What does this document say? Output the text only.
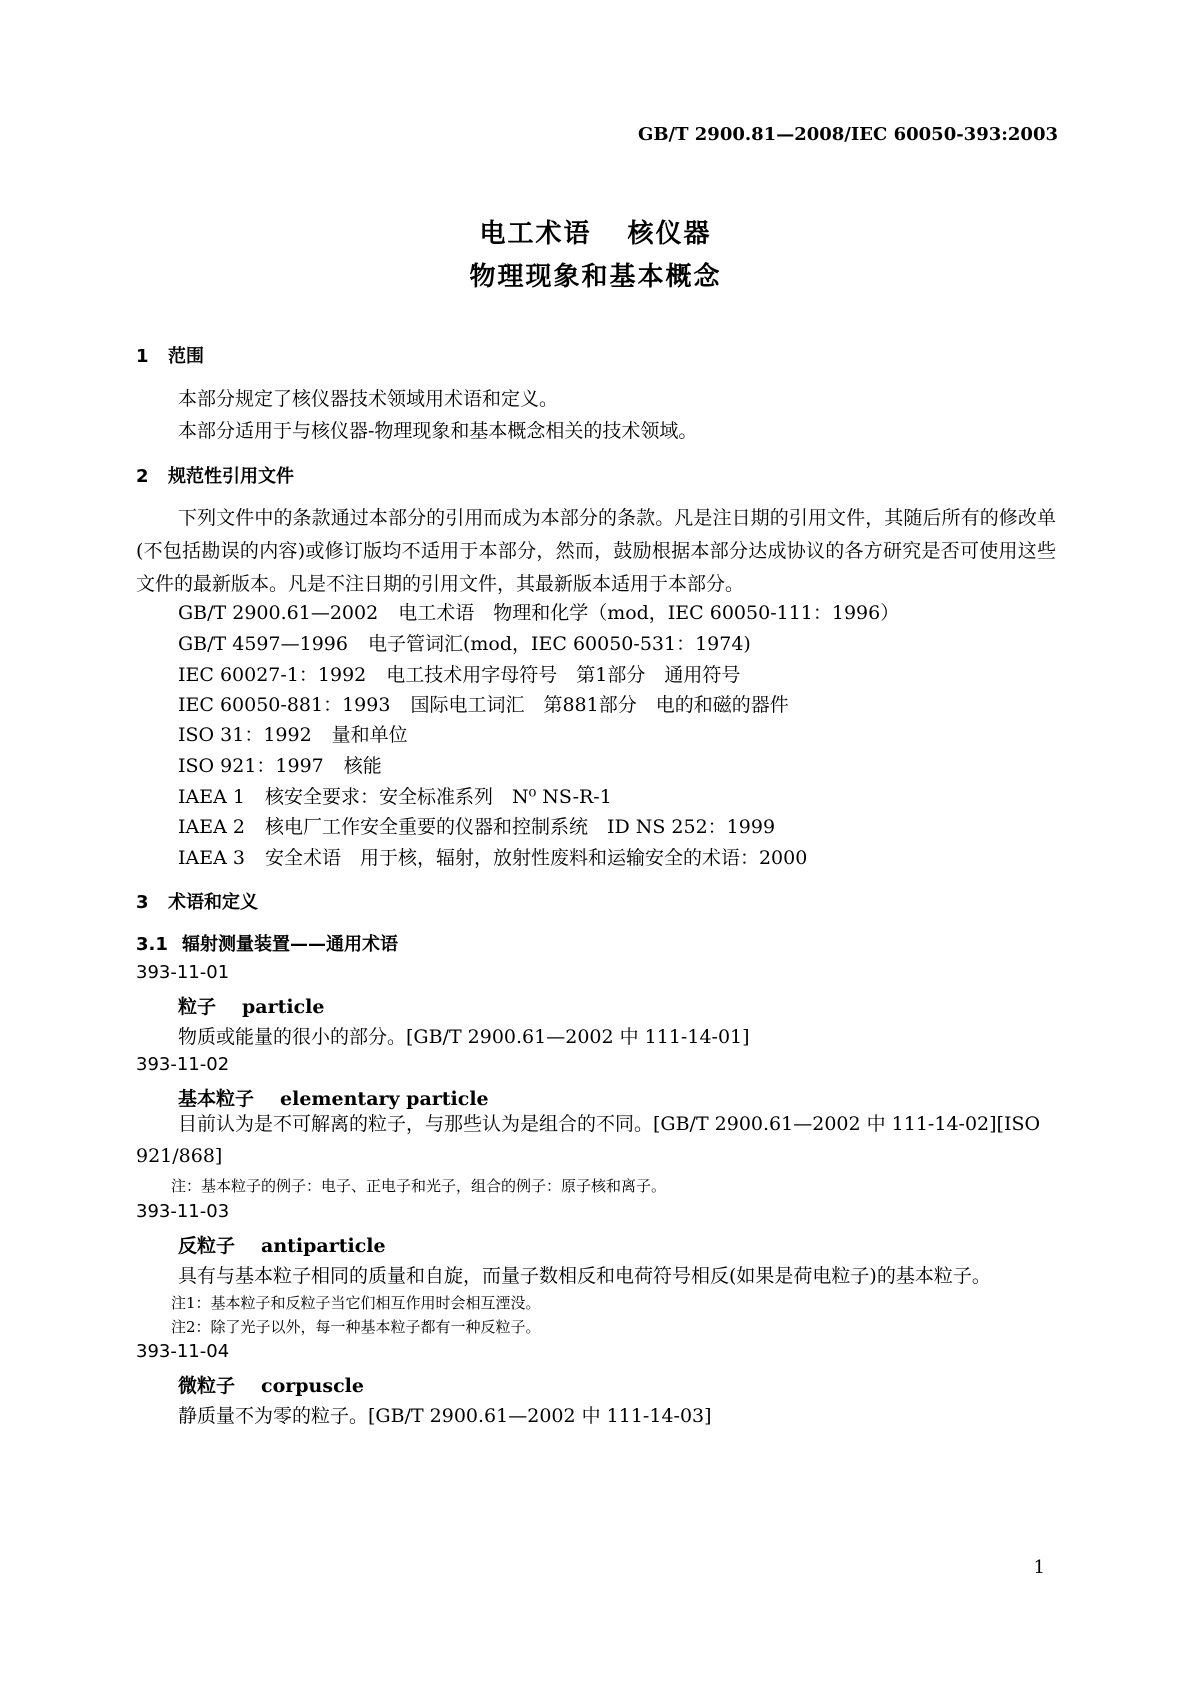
GB/T 2900.81—2008/IEC 60050-393:2003
电工术语 核仪器
物理现象和基本概念
1 范围
本部分规定了核仪器技术领域用术语和定义。
本部分适用于与核仪器-物理现象和基本概念相关的技术领域。
2 规范性引用文件
下列文件中的条款通过本部分的引用而成为本部分的条款。凡是注日期的引用文件，其随后所有的修改单(不包括勘误的内容)或修订版均不适用于本部分，然而，鼓励根据本部分达成协议的各方研究是否可使用这些文件的最新版本。凡是不注日期的引用文件，其最新版本适用于本部分。
GB/T 2900.61—2002 电工术语　物理和化学（mod，IEC 60050-111：1996）
GB/T 4597—1996 电子管词汇(mod，IEC 60050-531：1974)
IEC 60027-1：1992 电工技术用字母符号　第1部分　通用符号
IEC 60050-881：1993 国际电工词汇　第881部分　电的和磁的器件
ISO 31：1992 量和单位
ISO 921：1997 核能
IAEA 1 核安全要求：安全标准系列　N⁰ NS-R-1
IAEA 2 核电厂工作安全重要的仪器和控制系统　ID NS 252：1999
IAEA 3 安全术语　用于核，辐射，放射性废料和运输安全的术语：2000
3 术语和定义
3.1 辐射测量装置——通用术语
393-11-01
粒子 particle
物质或能量的很小的部分。[GB/T 2900.61—2002 中 111-14-01]
393-11-02
基本粒子 elementary particle
目前认为是不可解离的粒子，与那些认为是组合的不同。[GB/T 2900.61—2002 中 111-14-02][ISO 921/868]
注：基本粒子的例子：电子、正电子和光子，组合的例子：原子核和离子。
393-11-03
反粒子 antiparticle
具有与基本粒子相同的质量和自旋，而量子数相反和电荷符号相反(如果是荷电粒子)的基本粒子。
注1：基本粒子和反粒子当它们相互作用时会相互湮没。
注2：除了光子以外，每一种基本粒子都有一种反粒子。
393-11-04
微粒子 corpuscle
静质量不为零的粒子。[GB/T 2900.61—2002 中 111-14-03]
1
